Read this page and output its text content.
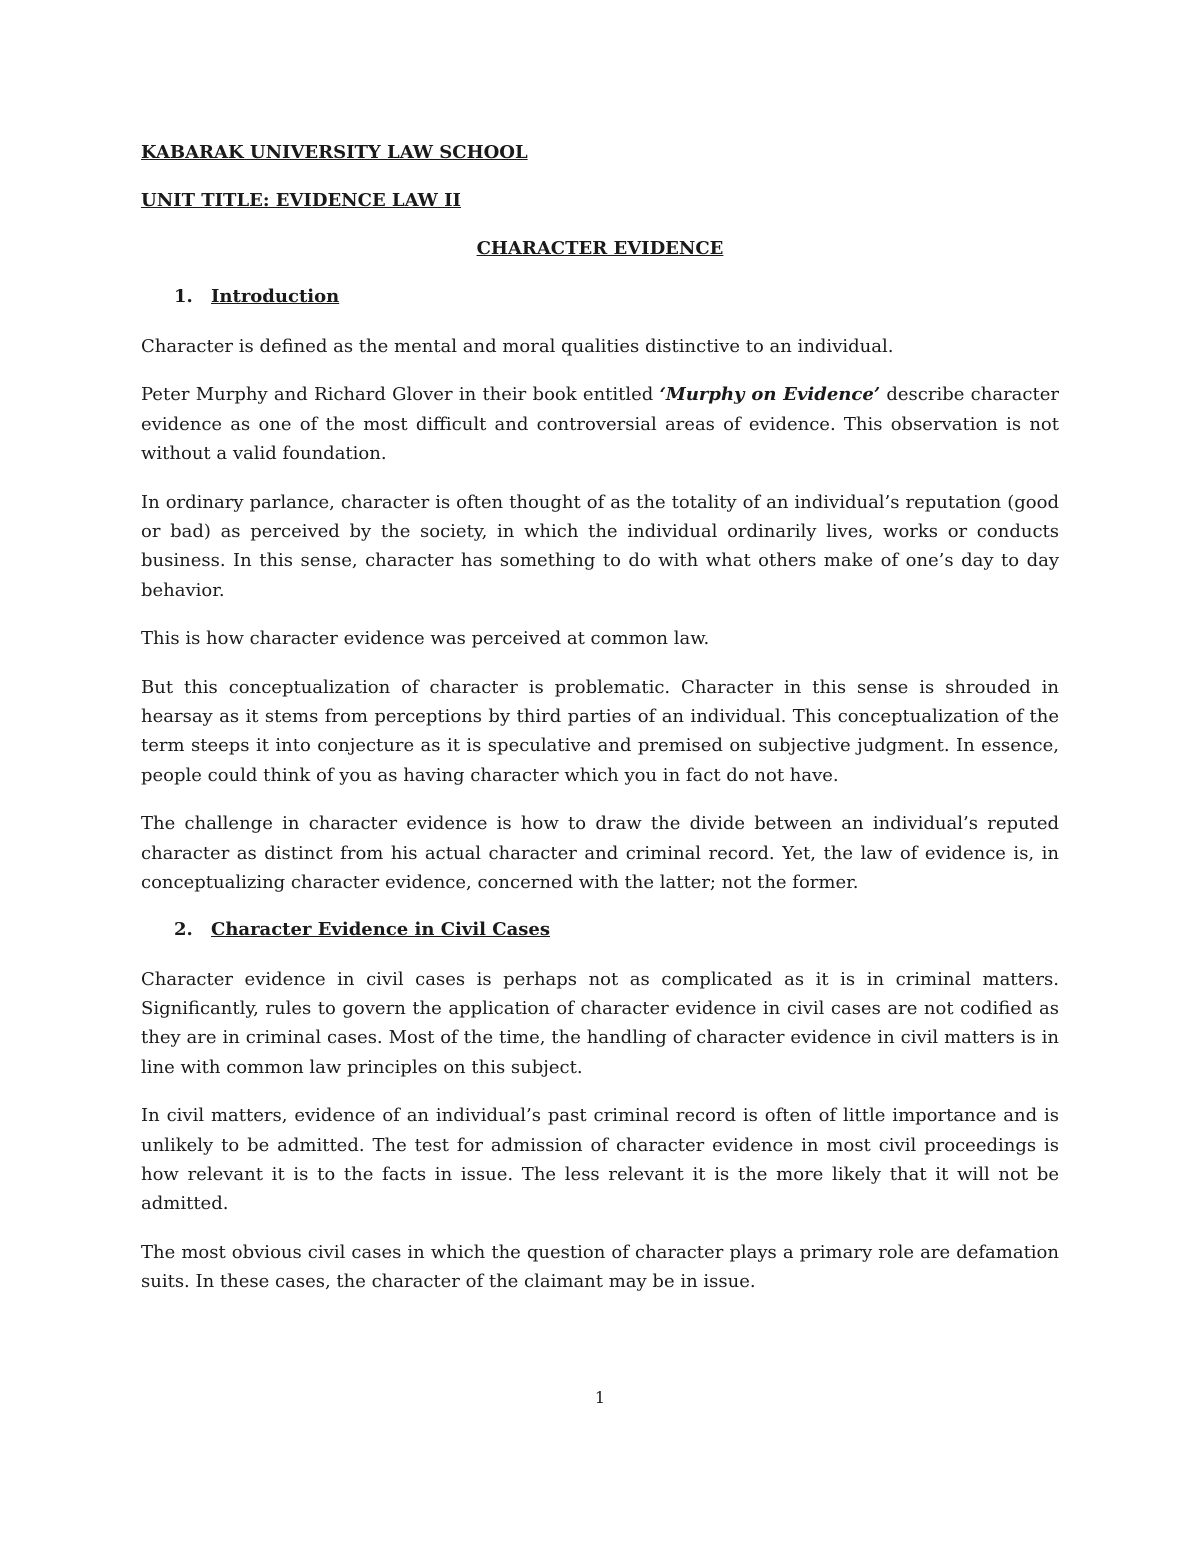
KABARAK UNIVERSITY LAW SCHOOL

UNIT TITLE: EVIDENCE LAW II

CHARACTER EVIDENCE

1. Introduction

Character is defined as the mental and moral qualities distinctive to an individual.

Peter Murphy and Richard Glover in their book entitled ‘Murphy on Evidence’ describe character evidence as one of the most difficult and controversial areas of evidence. This observation is not without a valid foundation.

In ordinary parlance, character is often thought of as the totality of an individual’s reputation (good or bad) as perceived by the society, in which the individual ordinarily lives, works or conducts business. In this sense, character has something to do with what others make of one’s day to day behavior.

This is how character evidence was perceived at common law.

But this conceptualization of character is problematic. Character in this sense is shrouded in hearsay as it stems from perceptions by third parties of an individual. This conceptualization of the term steeps it into conjecture as it is speculative and premised on subjective judgment. In essence, people could think of you as having character which you in fact do not have.

The challenge in character evidence is how to draw the divide between an individual’s reputed character as distinct from his actual character and criminal record. Yet, the law of evidence is, in conceptualizing character evidence, concerned with the latter; not the former.

2. Character Evidence in Civil Cases

Character evidence in civil cases is perhaps not as complicated as it is in criminal matters. Significantly, rules to govern the application of character evidence in civil cases are not codified as they are in criminal cases. Most of the time, the handling of character evidence in civil matters is in line with common law principles on this subject.

In civil matters, evidence of an individual’s past criminal record is often of little importance and is unlikely to be admitted. The test for admission of character evidence in most civil proceedings is how relevant it is to the facts in issue. The less relevant it is the more likely that it will not be admitted.

The most obvious civil cases in which the question of character plays a primary role are defamation suits. In these cases, the character of the claimant may be in issue.

1
